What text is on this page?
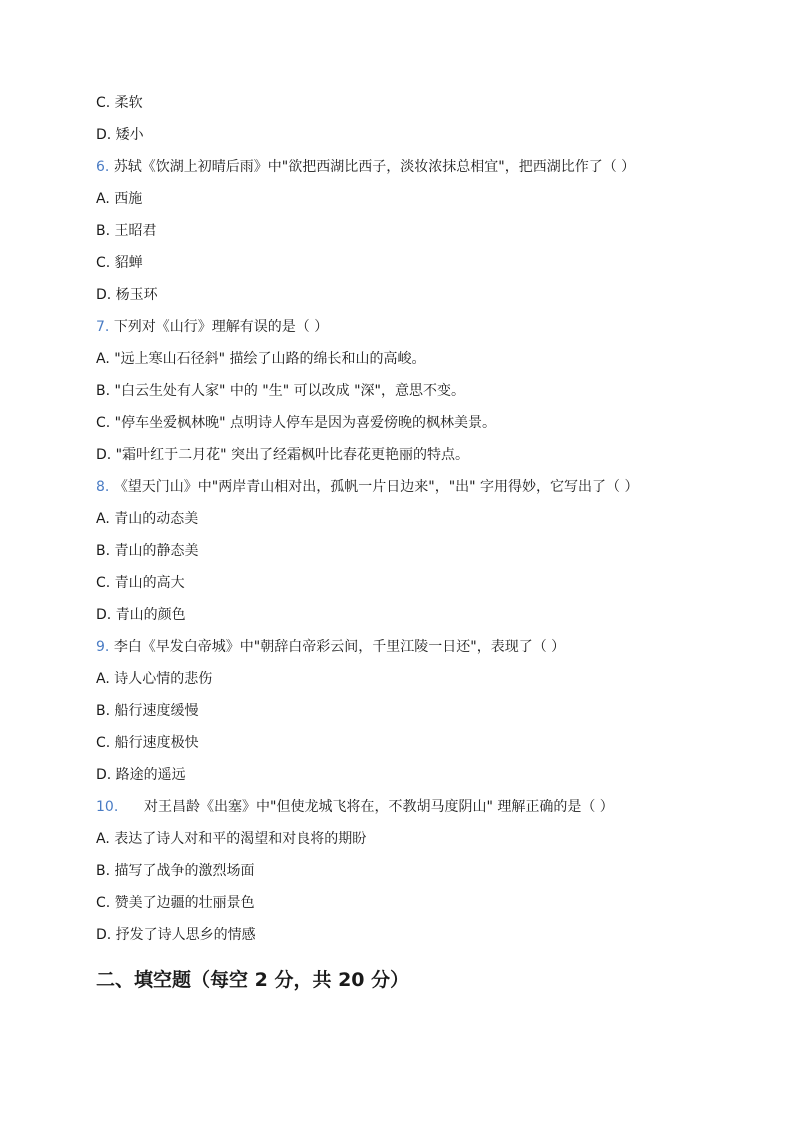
C. 柔软
D. 矮小
6. 苏轼《饮湖上初晴后雨》中"欲把西湖比西子，淡妆浓抹总相宜"，把西湖比作了（ ）
A. 西施
B. 王昭君
C. 貂蝉
D. 杨玉环
7. 下列对《山行》理解有误的是（ ）
A. "远上寒山石径斜" 描绘了山路的绵长和山的高峻。
B. "白云生处有人家" 中的 "生" 可以改成 "深"，意思不变。
C. "停车坐爱枫林晚" 点明诗人停车是因为喜爱傍晚的枫林美景。
D. "霜叶红于二月花" 突出了经霜枫叶比春花更艳丽的特点。
8. 《望天门山》中"两岸青山相对出，孤帆一片日边来"，"出" 字用得妙，它写出了（ ）
A. 青山的动态美
B. 青山的静态美
C. 青山的高大
D. 青山的颜色
9. 李白《早发白帝城》中"朝辞白帝彩云间，千里江陵一日还"，表现了（ ）
A. 诗人心情的悲伤
B. 船行速度缓慢
C. 船行速度极快
D. 路途的遥远
10. 对王昌龄《出塞》中"但使龙城飞将在，不教胡马度阴山" 理解正确的是（ ）
A. 表达了诗人对和平的渴望和对良将的期盼
B. 描写了战争的激烈场面
C. 赞美了边疆的壮丽景色
D. 抒发了诗人思乡的情感
二、填空题（每空 2 分，共 20 分）
